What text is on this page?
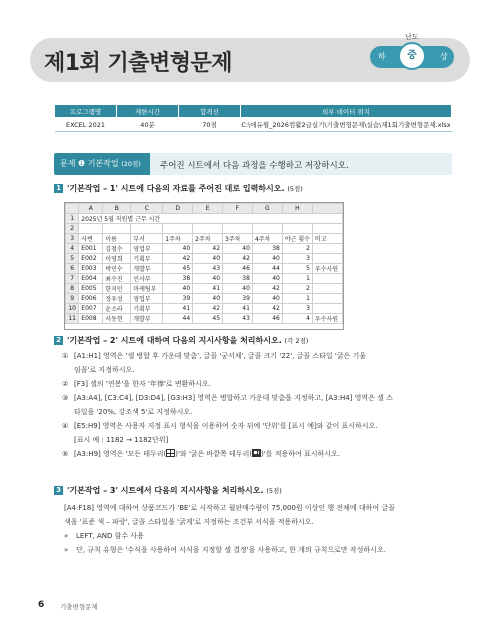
제1회 기출변형문제
난도
하	상
중
프로그램명	제한시간	합격선	외부 데이터 위치
EXCEL 2021	40분	70점	C:\에듀윌_2026컴활2급실기\기출변형문제\실습\제1회기출변형문제.xlsx
문제 ❶ 기본작업 (20점)	주어진 시트에서 다음 과정을 수행하고 저장하시오.
1 '기본작업 – 1' 시트에 다음의 자료를 주어진 대로 입력하시오. (5점)
	A	B	C	D	E	F	G	H	
1	2025년 5월 직원별 근무 시간								
2									
3	사번	이름	부서	1주차	2주차	3주차	4주차	야근 횟수	비고
4	E001	김철수	영업부	40	42	40	38	2	
5	E002	이영희	기획부	42	40	42	40	3	
6	E003	박민수	개발부	45	43	46	44	5	우수사원
7	E004	최수진	인사부	38	40	38	40	1	
8	E005	한지민	마케팅부	40	41	40	42	2	
9	E006	정우성	영업부	39	40	39	40	1	
10	E007	윤소라	기획부	41	42	41	42	3	
11	E008	서동현	개발부	44	45	43	46	4	우수사원
2 '기본작업 – 2' 시트에 대하여 다음의 지시사항을 처리하시오. (각 2점)
① [A1:H1] 영역은 '셀 병합 후 가운데 맞춤', 글꼴 '궁서체', 글꼴 크기 '22', 글꼴 스타일 '굵은 기울
임꼴'로 지정하시오.
② [F3] 셀의 '연봉'을 한자 '年俸'로 변환하시오.
③ [A3:A4], [C3:C4], [D3:D4], [G3:H3] 영역은 병합하고 가운데 맞춤을 지정하고, [A3:H4] 영역은 셀 스
타일을 '20%, 강조색 5'로 지정하시오.
④ [E5:H9] 영역은 사용자 지정 표시 형식을 이용하여 숫자 뒤에 '단위'를 [표시 예]와 같이 표시하시오.
[표시 예 : 1182 → 1182단위]
⑤ [A3:H9] 영역은 '모든 테두리( )'와 '굵은 바깥쪽 테두리( )'를 적용하여 표시하시오.
3 '기본작업 – 3' 시트에서 다음의 지시사항을 처리하시오. (5점)
[A4:F18] 영역에 대하여 상품코드가 'BE'로 시작하고 월판매수량이 75,000원 이상인 행 전체에 대하여 글꼴
색을 '표준 색 – 파랑', 글꼴 스타일을 '굵게'로 지정하는 조건부 서식을 적용하시오.
»	LEFT, AND 함수 사용
»	단, 규칙 유형은 '수식을 사용하여 서식을 지정할 셀 결정'을 사용하고, 한 개의 규칙으로만 작성하시오.
6 기출변형문제
